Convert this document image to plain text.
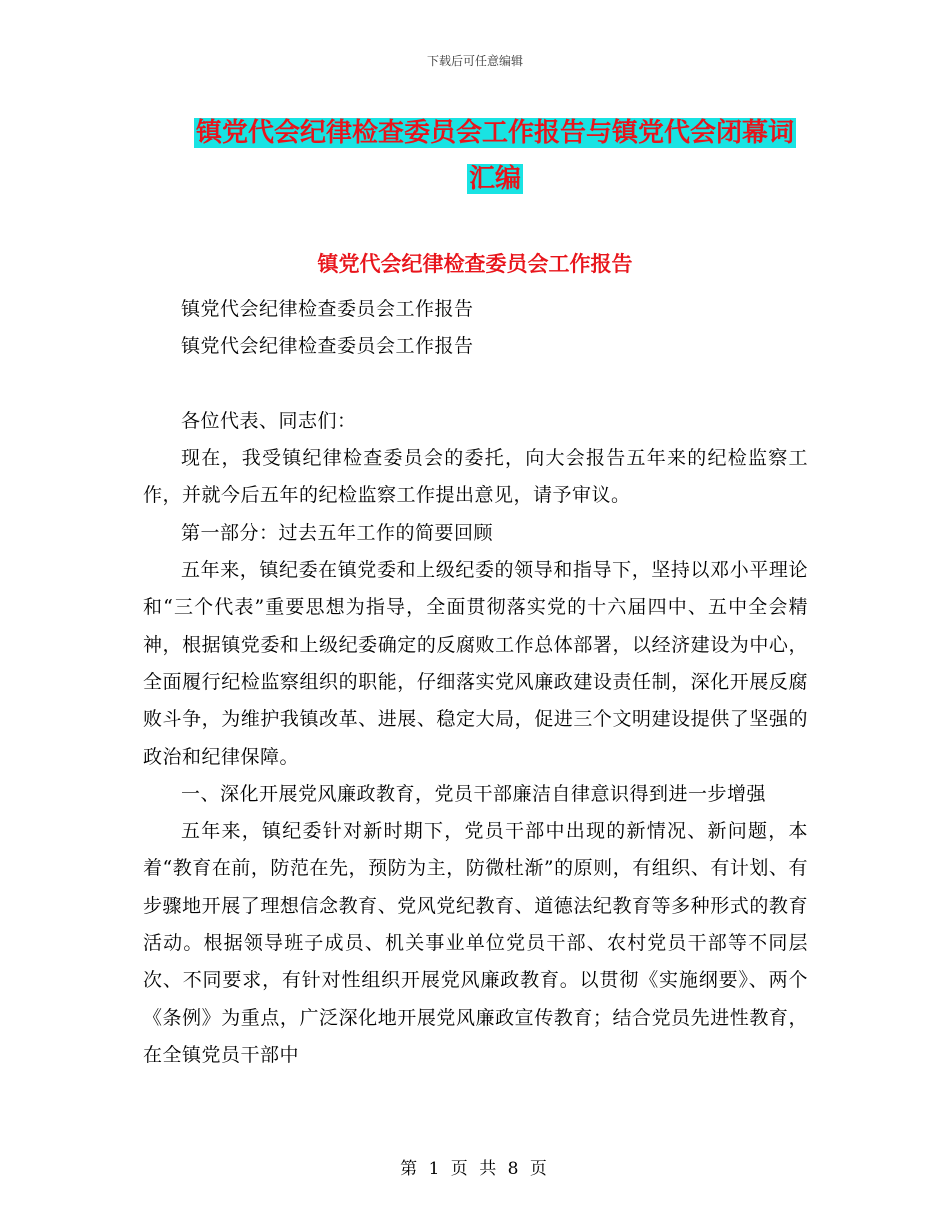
下载后可任意编辑
镇党代会纪律检查委员会工作报告与镇党代会闭幕词
汇编
镇党代会纪律检查委员会工作报告

镇党代会纪律检查委员会工作报告

镇党代会纪律检查委员会工作报告

各位代表、同志们：

现在，我受镇纪律检查委员会的委托，向大会报告五年来的纪检监察工作，并就今后五年的纪检监察工作提出意见，请予审议。

第一部分：过去五年工作的简要回顾

五年来，镇纪委在镇党委和上级纪委的领导和指导下，坚持以邓小平理论和“三个代表”重要思想为指导，全面贯彻落实党的十六届四中、五中全会精神，根据镇党委和上级纪委确定的反腐败工作总体部署，以经济建设为中心，全面履行纪检监察组织的职能，仔细落实党风廉政建设责任制，深化开展反腐败斗争，为维护我镇改革、进展、稳定大局，促进三个文明建设提供了坚强的政治和纪律保障。

一、深化开展党风廉政教育，党员干部廉洁自律意识得到进一步增强

五年来，镇纪委针对新时期下，党员干部中出现的新情况、新问题，本着“教育在前，防范在先，预防为主，防微杜渐”的原则，有组织、有计划、有步骤地开展了理想信念教育、党风党纪教育、道德法纪教育等多种形式的教育活动。根据领导班子成员、机关事业单位党员干部、农村党员干部等不同层次、不同要求，有针对性组织开展党风廉政教育。以贯彻《实施纲要》、两个《条例》为重点，广泛深化地开展党风廉政宣传教育；结合党员先进性教育，在全镇党员干部中

第 1 页 共 8 页
